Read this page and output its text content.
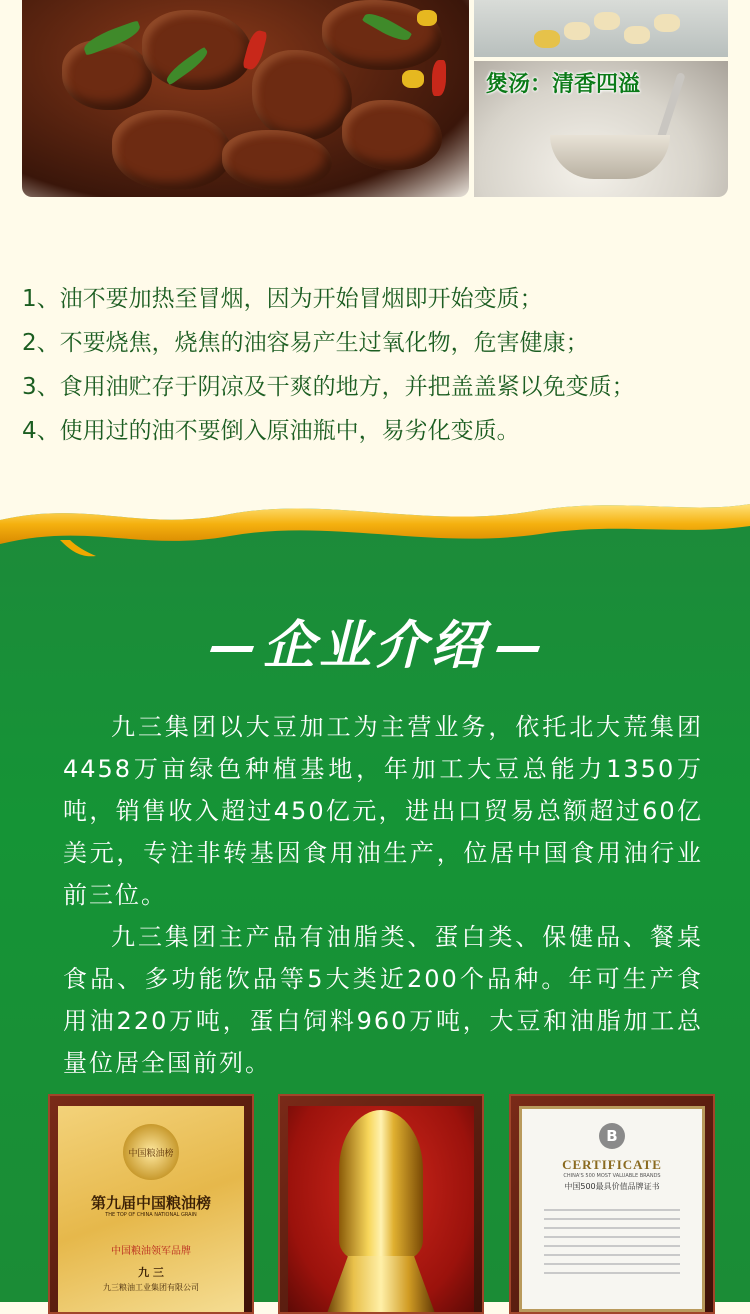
煲汤：清香四溢
1、油不要加热至冒烟，因为开始冒烟即开始变质；
2、不要烧焦，烧焦的油容易产生过氧化物，危害健康；
3、食用油贮存于阴凉及干爽的地方，并把盖盖紧以免变质；
4、使用过的油不要倒入原油瓶中，易劣化变质。
企业介绍

九三集团以大豆加工为主营业务，依托北大荒集团4458万亩绿色种植基地，年加工大豆总能力1350万吨，销售收入超过450亿元，进出口贸易总额超过60亿美元，专注非转基因食用油生产，位居中国食用油行业前三位。

九三集团主产品有油脂类、蛋白类、保健品、餐桌食品、多功能饮品等5大类近200个品种。年可生产食用油220万吨，蛋白饲料960万吨，大豆和油脂加工总量位居全国前列。

中国粮油榜
第九届中国粮油榜
THE TOP OF CHINA NATIONAL GRAIN
中国粮油领军品牌
九 三
九三粮油工业集团有限公司
B
CERTIFICATE
CHINA'S 500 MOST VALUABLE BRANDS
中国500最具价值品牌证书
